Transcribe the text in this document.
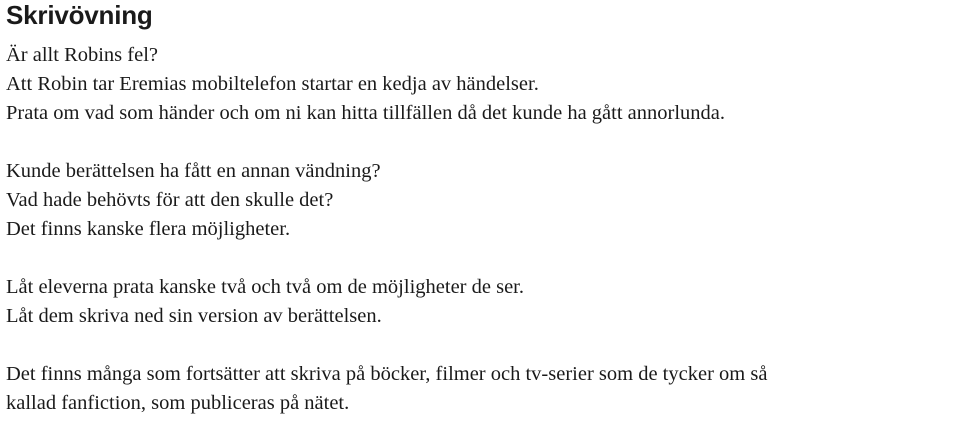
Skrivövning
Är allt Robins fel?
Att Robin tar Eremias mobiltelefon startar en kedja av händelser.
Prata om vad som händer och om ni kan hitta tillfällen då det kunde ha gått annorlunda.
Kunde berättelsen ha fått en annan vändning?
Vad hade behövts för att den skulle det?
Det finns kanske flera möjligheter.
Låt eleverna prata kanske två och två om de möjligheter de ser.
Låt dem skriva ned sin version av berättelsen.
Det finns många som fortsätter att skriva på böcker, filmer och tv-serier som de tycker om så
kallad fanfiction, som publiceras på nätet.
